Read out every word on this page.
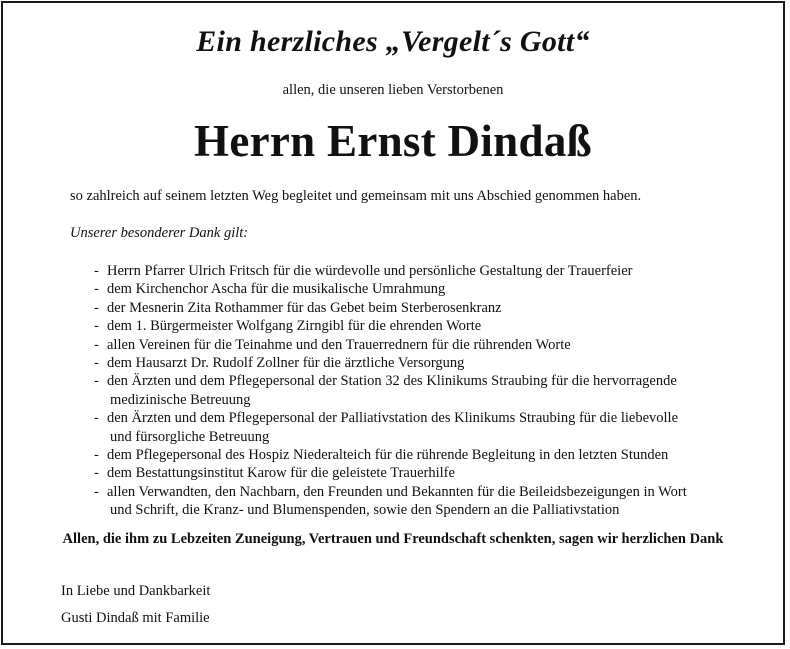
Ein herzliches „Vergelt´s Gott“
allen, die unseren lieben Verstorbenen
Herrn Ernst Dindaß
so zahlreich auf seinem letzten Weg begleitet und gemeinsam mit uns Abschied genommen haben.
Unserer besonderer Dank gilt:
- Herrn Pfarrer Ulrich Fritsch für die würdevolle und persönliche Gestaltung der Trauerfeier
- dem Kirchenchor Ascha für die musikalische Umrahmung
- der Mesnerin Zita Rothammer für das Gebet beim Sterberosenkranz
- dem 1. Bürgermeister Wolfgang Zirngibl für die ehrenden Worte
- allen Vereinen für die Teinahme und den Trauerrednern für die rührenden Worte
- dem Hausarzt Dr. Rudolf Zollner für die ärztliche Versorgung
- den Ärzten und dem Pflegepersonal der Station 32 des Klinikums Straubing für die hervorragende
medizinische Betreuung
- den Ärzten und dem Pflegepersonal der Palliativstation des Klinikums Straubing für die liebevolle
und fürsorgliche Betreuung
- dem Pflegepersonal des Hospiz Niederalteich für die rührende Begleitung in den letzten Stunden
- dem Bestattungsinstitut Karow für die geleistete Trauerhilfe
- allen Verwandten, den Nachbarn, den Freunden und Bekannten für die Beileidsbezeigungen in Wort
und Schrift, die Kranz- und Blumenspenden, sowie den Spendern an die Palliativstation
Allen, die ihm zu Lebzeiten Zuneigung, Vertrauen und Freundschaft schenkten, sagen wir herzlichen Dank
In Liebe und Dankbarkeit
Gusti Dindaß mit Familie
